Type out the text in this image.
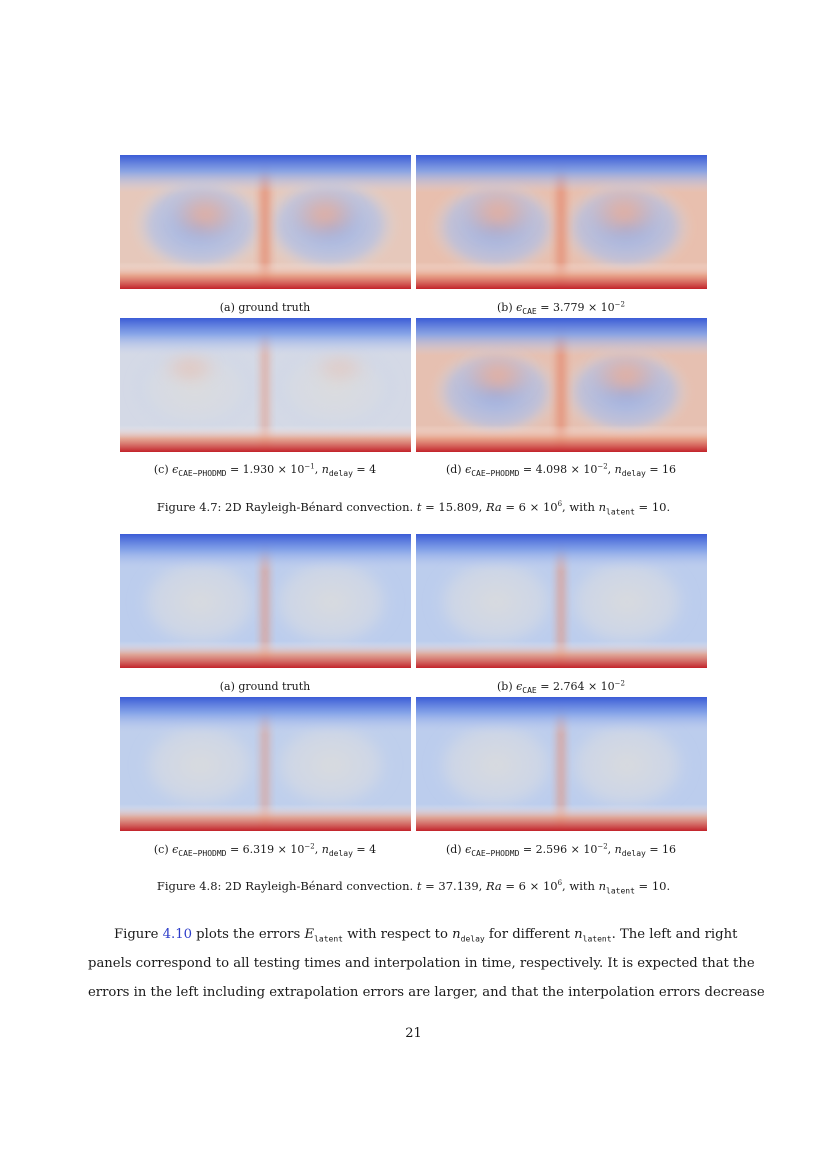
(a) ground truth	(b) $\epsilon_{CAE} = 3.779 \times 10^{-2}$
(c) $\epsilon_{CAE-PHODMD} = 1.930 \times 10^{-1}$, $n_{delay} = 4$	(d) $\epsilon_{CAE-PHODMD} = 4.098 \times 10^{-2}$, $n_{delay} = 16$
Figure 4.7: 2D Rayleigh-Bénard convection. t = 15.809, $Ra = 6 \times 10^6$, with $n_{latent} = 10$.
(a) ground truth	(b) $\epsilon_{CAE} = 2.764 \times 10^{-2}$
(c) $\epsilon_{CAE-PHODMD} = 6.319 \times 10^{-2}$, $n_{delay} = 4$	(d) $\epsilon_{CAE-PHODMD} = 2.596 \times 10^{-2}$, $n_{delay} = 16$
Figure 4.8: 2D Rayleigh-Bénard convection. t = 37.139, $Ra = 6 \times 10^6$, with $n_{latent} = 10$.
Figure 4.10 plots the errors $E_{latent}$ with respect to $n_{delay}$ for different $n_{latent}$. The left and right
panels correspond to all testing times and interpolation in time, respectively. It is expected that the
errors in the left including extrapolation errors are larger, and that the interpolation errors decrease
21
